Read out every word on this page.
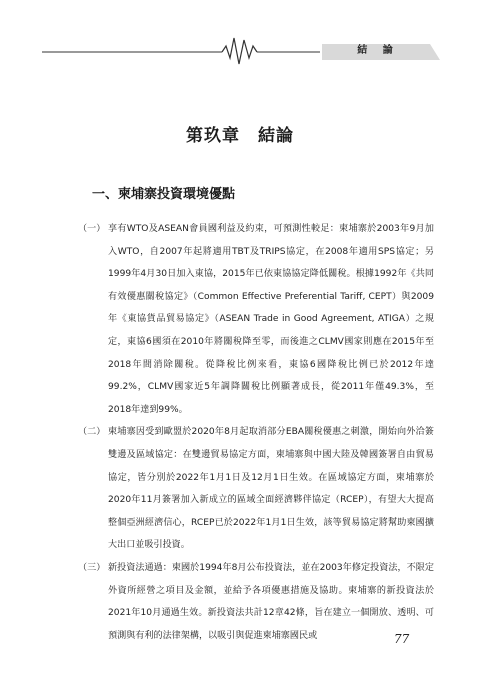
結 論
第玖章　結論
一、柬埔寨投資環境優點

（一） 享有WTO及ASEAN會員國利益及約束，可預測性較足：柬埔寨於2003年9月加入WTO，自2007年起將適用TBT及TRIPS協定，在2008年適用SPS協定；另1999年4月30日加入東協，2015年已依東協協定降低關稅。根據1992年《共同有效優惠關稅協定》（Common Effective Preferential Tariff, CEPT）與2009年《東協貨品貿易協定》（ASEAN Trade in Good Agreement, ATIGA）之規定，東協6國須在2010年將關稅降至零，而後進之CLMV國家則應在2015年至2018年間消除關稅。從降稅比例來看，東協6國降稅比例已於2012年達99.2%，CLMV國家近5年調降關稅比例顯著成長，從2011年僅49.3%，至2018年達到99%。

（二） 柬埔寨因受到歐盟於2020年8月起取消部分EBA關稅優惠之刺激，開始向外洽簽雙邊及區域協定：在雙邊貿易協定方面，柬埔寨與中國大陸及韓國簽署自由貿易協定，皆分別於2022年1月1日及12月1日生效。在區域協定方面，柬埔寨於2020年11月簽署加入新成立的區域全面經濟夥伴協定（RCEP），有望大大提高整個亞洲經濟信心，RCEP已於2022年1月1日生效，該等貿易協定將幫助柬國擴大出口並吸引投資。

（三） 新投資法通過：柬國於1994年8月公布投資法，並在2003年修定投資法，不限定外資所經營之項目及金額，並給予各項優惠措施及協助。柬埔寨的新投資法於2021年10月通過生效。新投資法共計12章42條，旨在建立一個開放、透明、可預測與有利的法律架構，以吸引與促進柬埔寨國民或	77
